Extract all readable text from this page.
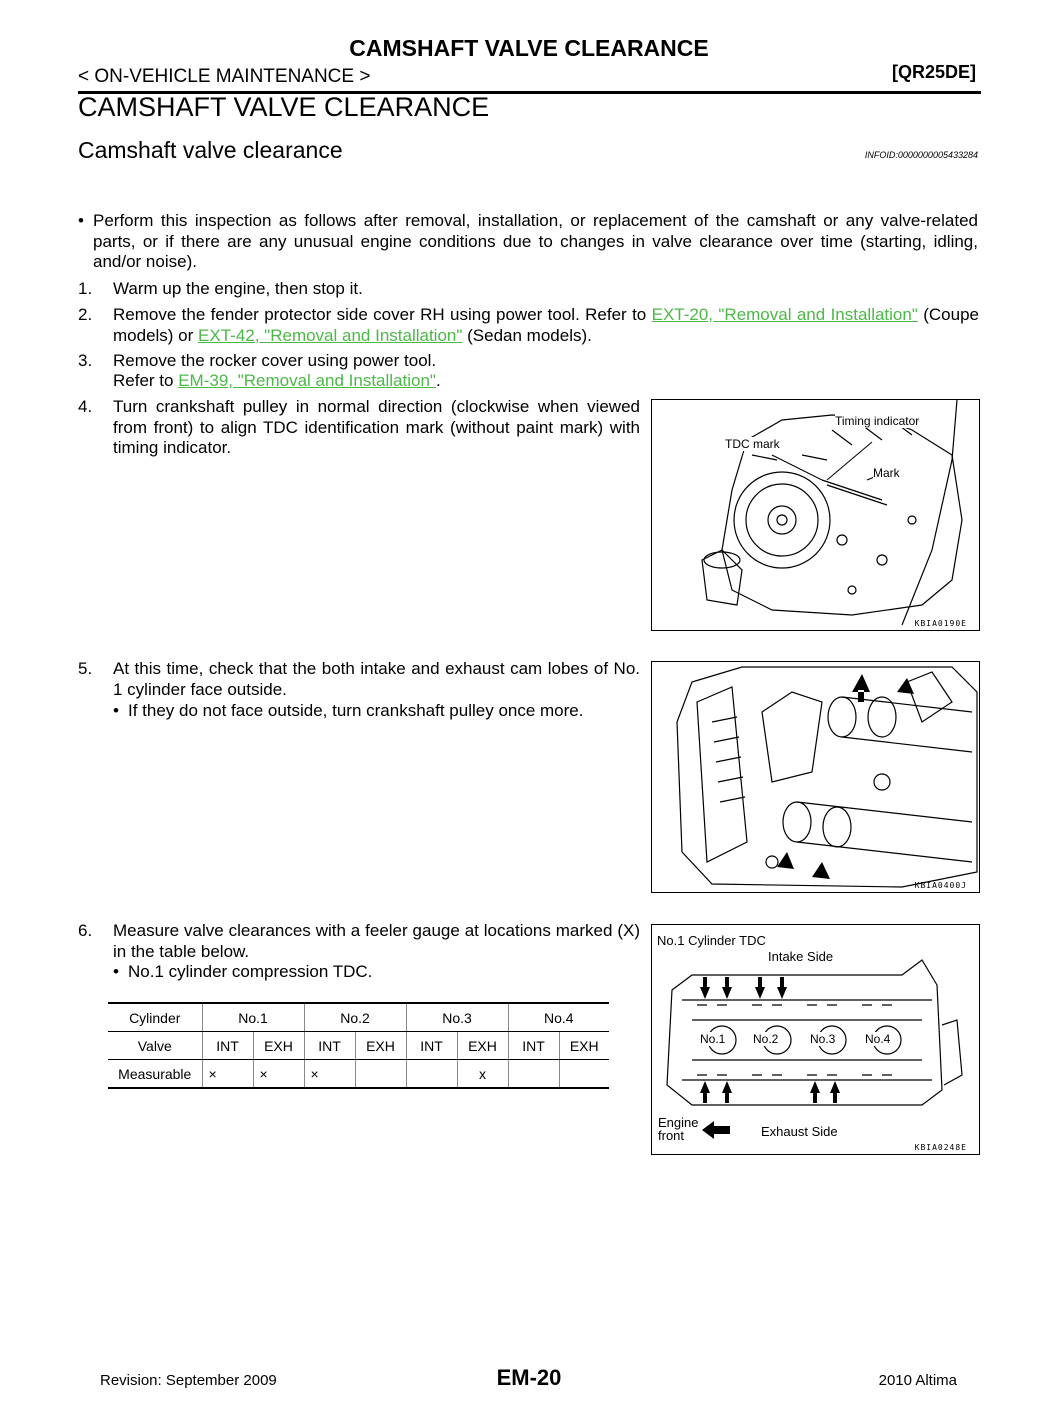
CAMSHAFT VALVE CLEARANCE
< ON-VEHICLE MAINTENANCE >	[QR25DE]
CAMSHAFT VALVE CLEARANCE
Camshaft valve clearance	INFOID:0000000005433284
• Perform this inspection as follows after removal, installation, or replacement of the camshaft or any valve-related parts, or if there are any unusual engine conditions due to changes in valve clearance over time (starting, idling, and/or noise).
1. Warm up the engine, then stop it.
2. Remove the fender protector side cover RH using power tool. Refer to EXT-20, "Removal and Installation" (Coupe models) or EXT-42, "Removal and Installation" (Sedan models).
3. Remove the rocker cover using power tool.
Refer to EM-39, "Removal and Installation".
4. Turn crankshaft pulley in normal direction (clockwise when viewed from front) to align TDC identification mark (without paint mark) with timing indicator.
Timing indicator
TDC mark
Mark
KBIA0190E
5. At this time, check that the both intake and exhaust cam lobes of No. 1 cylinder face outside.
• If they do not face outside, turn crankshaft pulley once more.
KBIA0400J
6. Measure valve clearances with a feeler gauge at locations marked (X) in the table below.
• No.1 cylinder compression TDC.
Cylinder	No.1		No.2		No.3		No.4	
Valve	INT	EXH	INT	EXH	INT	EXH	INT	EXH
Measurable	×	×	×			x		
No.1 Cylinder TDC
Intake Side
No.1 No.2	No.3 No.4
Engine
front	Exhaust Side
KBIA0248E
Revision: September 2009	EM-20	2010 Altima
